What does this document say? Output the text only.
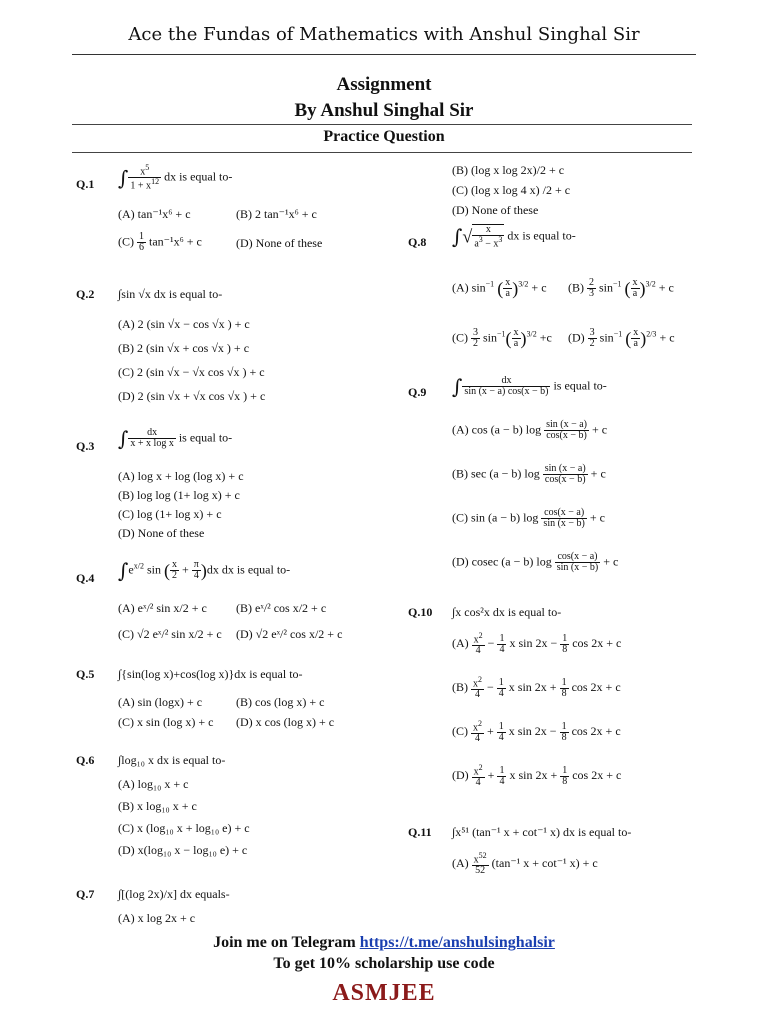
Ace the Fundas of Mathematics with Anshul Singhal Sir
Assignment
By Anshul Singhal Sir
Practice Question
Q.1 ∫ $\frac{x^5}{1 + x^{12}}$ dx is equal to-
(A) tan⁻¹x⁶ + c	(B) 2 tan⁻¹x⁶ + c
$(C) \frac{1}{6} \tan^{-1}x^6 + c$	(D) None of these
Q.2 ∫sin √x dx is equal to-
(A) 2 (sin √x − cos √x ) + c
(B) 2 (sin √x + cos √x ) + c
(C) 2 (sin √x − √x cos √x ) + c
(D) 2 (sin √x + √x cos √x ) + c
Q.3 ∫ $\frac{dx}{\text{x + x log x}}$ is equal to-
(A) log x + log (log x) + c
(B) log log (1+ log x) + c
(C) log (1+ log x) + c
(D) None of these
Q.4 $\int e^{x/2}$ sin ( $\frac{x}{2} + \frac{\pi}{4} )dx$ dx is equal to-
(A) eˣ/² sin x/2 + c (B) eˣ/² cos x/2 + c
(C) √2 eˣ/² sin x/2 + c (D) √2 eˣ/² cos x/2 + c
Q.5 ∫{sin(log x)+cos(log x)}dx is equal to-
(A) sin (logx) + c	(B) cos (log x) + c
(C) x sin (log x) + c (D) x cos (log x) + c
Q.6 ∫log₁₀ x dx is equal to-
(A) log₁₀ x + c
(B) x log₁₀ x + c
(C) x (log₁₀ x + log₁₀ e) + c
(D) x(log₁₀ x − log₁₀ e) + c
Q.7 ∫[(log 2x)/x] dx equals-
(A) x log 2x + c
(B) (log x log 2x)/2 + c
(C) (log x log 4 x) /2 + c
(D) None of these
Q.8 ∫√ $\frac{x}{a^3 - x^3}$ dx is equal to-
(A) $\sin^{-1}$ ( $\frac{x}{a} )^{3/2} + c$ $(B) \frac{2}{3} \sin^{-1}$ ( $\frac{x}{a} )^{3/2} + c$
$(C) \frac{3}{2} \sin^{-1}( \frac{x}{a} )^{3/2} +c$ $(D) \frac{3}{2} \sin^{-1}$ ( $\frac{x}{a} )^{2/3} + c$
Q.9 ∫ $\frac{dx}{\sin (x - a) \cos(x - b)}$ is equal to-
(A) cos (a − b) $\log \frac{\sin (x - a)}{\cos(x - b)} + c$
(B) sec (a − b) $\log \frac{\sin (x - a)}{\cos(x - b)} + c$
(C) sin (a − b) $\log \frac{\cos(x - a)}{\sin (x - b)} + c$
(D) cosec (a − b) $\log \frac{\cos(x - a)}{\sin (x - b)} + c$
Q.10 ∫x cos²x dx is equal to-
$(A) \frac{x^2}{4} - \frac{1}{4}$ x $\sin 2x - \frac{1}{8}$ cos 2x + c
$(B) \frac{x^2}{4} - \frac{1}{4}$ x $\sin 2x + \frac{1}{8}$ cos 2x + c
$(C) \frac{x^2}{4} + \frac{1}{4}$ x $\sin 2x - \frac{1}{8}$ cos 2x + c
$(D) \frac{x^2}{4} + \frac{1}{4}$ x $\sin 2x + \frac{1}{8}$ cos 2x + c
Q.11 ∫x⁵¹ (tan⁻¹ x + cot⁻¹ x) dx is equal to-
$(A) \frac{x^{52}}{52} (\tan^{-1}$ x + cot⁻¹ x) + c
Join me on Telegram https://t.me/anshulsinghalsir
To get 10% scholarship use code
ASMJEE
